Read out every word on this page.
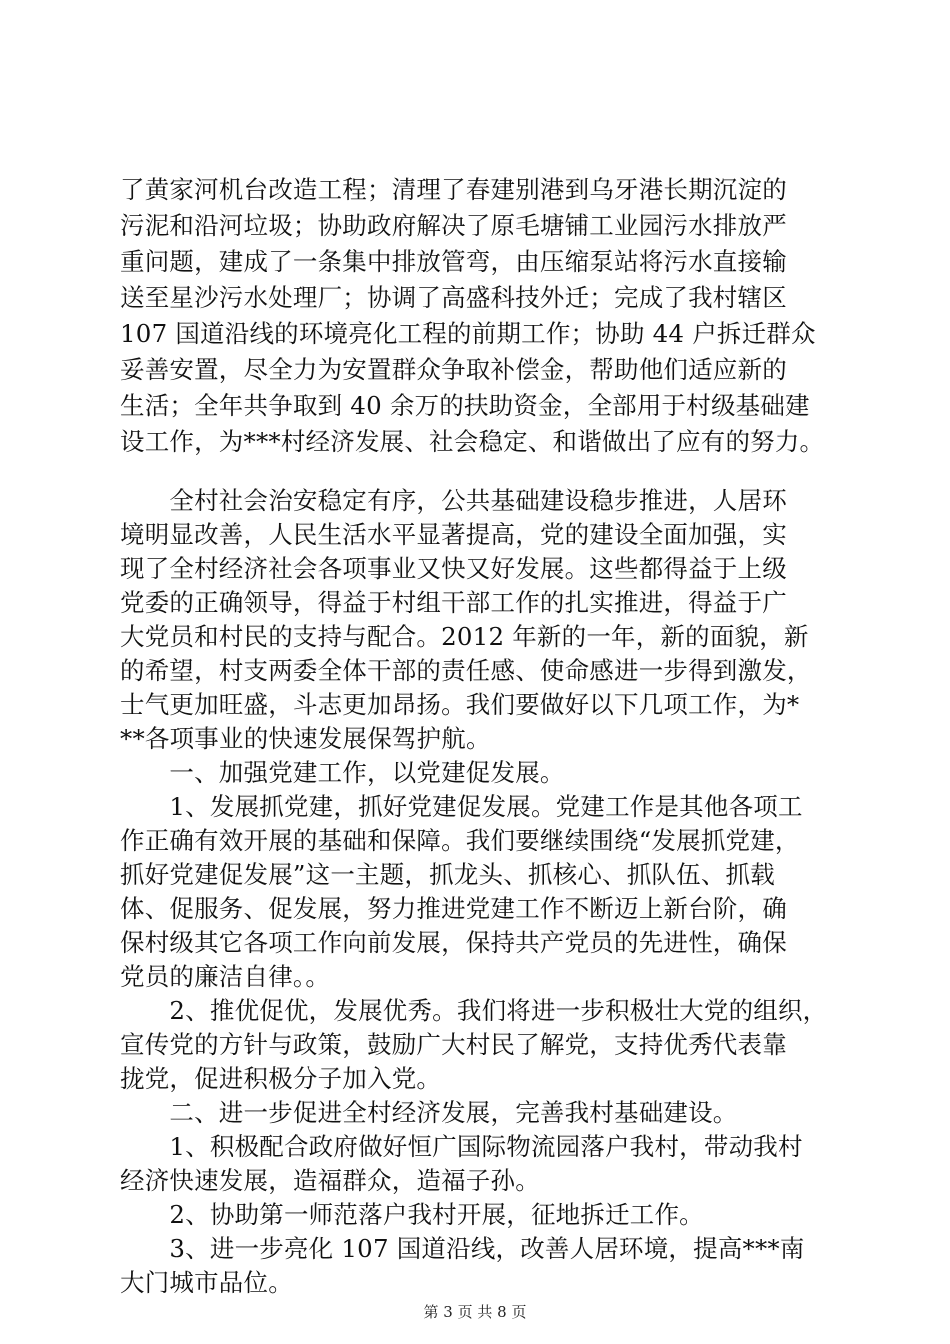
了黄家河机台改造工程；清理了春建别港到乌牙港长期沉淀的
污泥和沿河垃圾；协助政府解决了原毛塘铺工业园污水排放严
重问题，建成了一条集中排放管弯，由压缩泵站将污水直接输
送至星沙污水处理厂；协调了高盛科技外迁；完成了我村辖区
107 国道沿线的环境亮化工程的前期工作；协助 44 户拆迁群众
妥善安置，尽全力为安置群众争取补偿金，帮助他们适应新的
生活；全年共争取到 40 余万的扶助资金，全部用于村级基础建
设工作，为***村经济发展、社会稳定、和谐做出了应有的努力。
　　全村社会治安稳定有序，公共基础建设稳步推进，人居环
境明显改善，人民生活水平显著提高，党的建设全面加强，实
现了全村经济社会各项事业又快又好发展。这些都得益于上级
党委的正确领导，得益于村组干部工作的扎实推进，得益于广
大党员和村民的支持与配合。2012 年新的一年，新的面貌，新
的希望，村支两委全体干部的责任感、使命感进一步得到激发，
士气更加旺盛，斗志更加昂扬。我们要做好以下几项工作，为*
**各项事业的快速发展保驾护航。
　　一、加强党建工作，以党建促发展。
　　1、发展抓党建，抓好党建促发展。党建工作是其他各项工
作正确有效开展的基础和保障。我们要继续围绕“发展抓党建，
抓好党建促发展”这一主题，抓龙头、抓核心、抓队伍、抓载
体、促服务、促发展，努力推进党建工作不断迈上新台阶，确
保村级其它各项工作向前发展，保持共产党员的先进性，确保
党员的廉洁自律。。
　　2、推优促优，发展优秀。我们将进一步积极壮大党的组织，
宣传党的方针与政策，鼓励广大村民了解党，支持优秀代表靠
拢党，促进积极分子加入党。
　　二、进一步促进全村经济发展，完善我村基础建设。
　　1、积极配合政府做好恒广国际物流园落户我村，带动我村
经济快速发展，造福群众，造福子孙。
　　2、协助第一师范落户我村开展，征地拆迁工作。
　　3、进一步亮化 107 国道沿线，改善人居环境，提高***南
大门城市品位。
第 3 页 共 8 页
